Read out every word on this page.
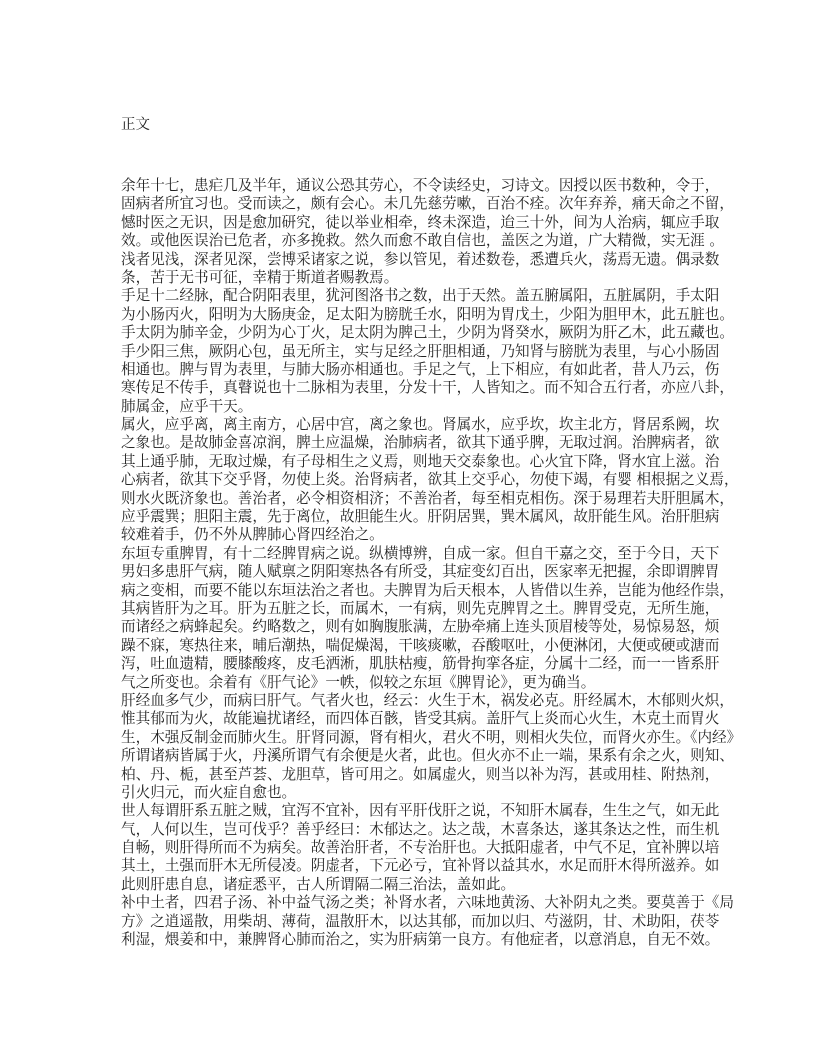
正文
余年十七，患疟几及半年，通议公恐其劳心，不令读经史，习诗文。因授以医书数种，令于，
固病者所宜习也。受而读之，颇有会心。未几先慈劳嗽，百治不痊。次年弃养，痛天命之不留，
憾时医之无识，因是愈加研究，徒以举业相牵，终未深造，迨三十外，间为人治病，辄应手取
效。或他医误治已危者，亦多挽救。然久而愈不敢自信也，盖医之为道，广大精微，实无涯 。
浅者见浅，深者见深，尝博采诸家之说，参以管见，着述数卷，悉遭兵火，荡焉无遗。偶录数
条，苦于无书可征，幸精于斯道者赐教焉。
手足十二经脉，配合阴阳表里，犹河图洛书之数，出于天然。盖五腑属阳，五脏属阴，手太阳
为小肠丙火，阳明为大肠庚金，足太阳为膀胱壬水，阳明为胃戊土，少阳为胆甲木，此五脏也。
手太阴为肺辛金，少阴为心丁火，足太阴为脾己土，少阴为肾癸水，厥阴为肝乙木，此五藏也。
手少阳三焦，厥阴心包，虽无所主，实与足经之肝胆相通，乃知肾与膀胱为表里，与心小肠固
相通也。脾与胃为表里，与肺大肠亦相通也。手足之气，上下相应，有如此者，昔人乃云，伤
寒传足不传手，真瞽说也十二脉相为表里，分发十干，人皆知之。而不知合五行者，亦应八卦，
肺属金，应乎干天。
属火，应乎离，离主南方，心居中宫，离之象也。肾属水，应乎坎，坎主北方，肾居系阙，坎
之象也。是故肺金喜凉润，脾土应温燥，治肺病者，欲其下通乎脾，无取过润。治脾病者，欲
其上通乎肺，无取过燥，有子母相生之义焉，则地天交泰象也。心火宜下降，肾水宜上滋。治
心病者，欲其下交乎肾，勿使上炎。治肾病者，欲其上交乎心，勿使下竭，有婴 相根据之义焉，
则水火既济象也。善治者，必令相资相济；不善治者，每至相克相伤。深于易理若夫肝胆属木，
应乎震巽；胆阳主震，先于离位，故胆能生火。肝阴居巽，巽木属风，故肝能生风。治肝胆病
较难着手，仍不外从脾肺心肾四经治之。
东垣专重脾胃，有十二经脾胃病之说。纵横博辨，自成一家。但自干嘉之交，至于今日，天下
男妇多患肝气病，随人赋禀之阴阳寒热各有所受，其症变幻百出，医家率无把握，余即谓脾胃
病之变相，而要不能以东垣法治之者也。夫脾胃为后天根本，人皆借以生养，岂能为他经作祟，
其病皆肝为之耳。肝为五脏之长，而属木，一有病，则先克脾胃之土。脾胃受克，无所生施，
而诸经之病蜂起矣。约略数之，则有如胸腹胀满，左胁牵痛上连头顶眉棱等处，易惊易怒，烦
躁不寐，寒热往来，晡后潮热，喘促燥渴，干咳痰嗽，吞酸呕吐，小便淋闭，大便或硬或溏而
泻，吐血遗精，腰膝酸疼，皮毛洒淅，肌肤枯瘦，筋骨拘挛各症，分属十二经，而一一皆系肝
气之所变也。余着有《肝气论》一帙，似较之东垣《脾胃论》，更为确当。
肝经血多气少，而病曰肝气。气者火也，经云：火生于木，祸发必克。肝经属木，木郁则火炽，
惟其郁而为火，故能遍扰诸经，而四体百骸，皆受其病。盖肝气上炎而心火生，木克土而胃火
生，木强反制金而肺火生。肝肾同源，肾有相火，君火不明，则相火失位，而肾火亦生。《内经》
所谓诸病皆属于火，丹溪所谓气有余便是火者，此也。但火亦不止一端，果系有余之火，则知、
柏、丹、栀，甚至芦荟、龙胆草，皆可用之。如属虚火，则当以补为泻，甚或用桂、附热剂，
引火归元，而火症自愈也。
世人每谓肝系五脏之贼，宜泻不宜补，因有平肝伐肝之说，不知肝木属春，生生之气，如无此
气，人何以生，岂可伐乎？善乎经曰：木郁达之。达之哉，木喜条达，遂其条达之性，而生机
自畅，则肝得所而不为病矣。故善治肝者，不专治肝也。大抵阳虚者，中气不足，宜补脾以培
其土，土强而肝木无所侵凌。阴虚者，下元必亏，宜补肾以益其水，水足而肝木得所滋养。如
此则肝患自息，诸症悉平，古人所谓隔二隔三治法，盖如此。
补中土者，四君子汤、补中益气汤之类；补肾水者，六味地黄汤、大补阴丸之类。要莫善于《局
方》之逍遥散，用柴胡、薄荷，温散肝木，以达其郁，而加以归、芍滋阴，甘、术助阳，茯苓
利湿，煨姜和中，兼脾肾心肺而治之，实为肝病第一良方。有他症者，以意消息，自无不效。
